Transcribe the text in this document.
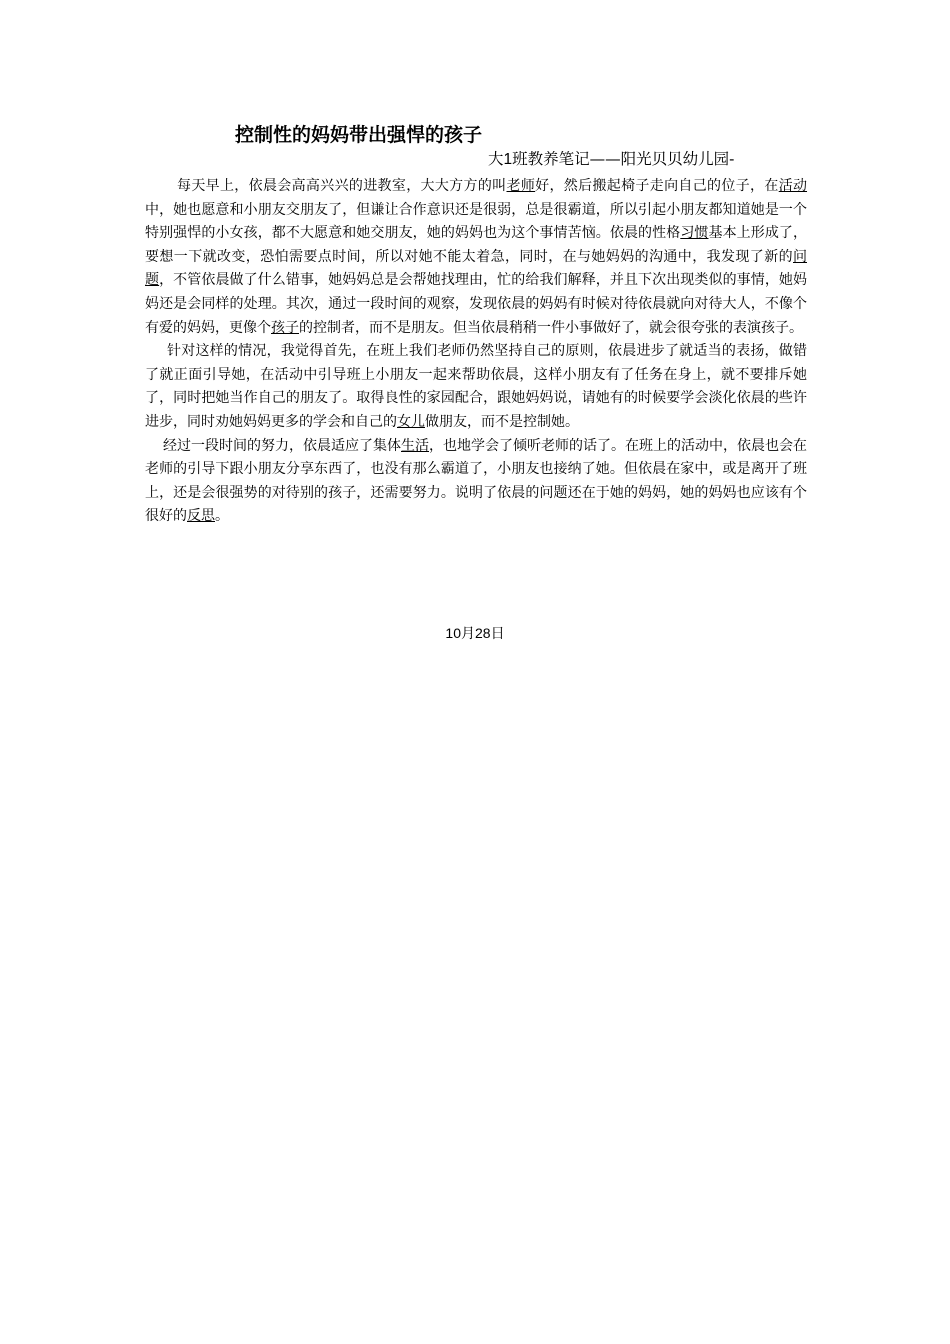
控制性的妈妈带出强悍的孩子
大1班教养笔记——阳光贝贝幼儿园-

每天早上，依晨会高高兴兴的进教室，大大方方的叫老师好，然后搬起椅子走向自己的位子，在活动中，她也愿意和小朋友交朋友了，但谦让合作意识还是很弱，总是很霸道，所以引起小朋友都知道她是一个特别强悍的小女孩，都不大愿意和她交朋友，她的妈妈也为这个事情苦恼。依晨的性格习惯基本上形成了，要想一下就改变，恐怕需要点时间，所以对她不能太着急，同时，在与她妈妈的沟通中，我发现了新的问题，不管依晨做了什么错事，她妈妈总是会帮她找理由，忙的给我们解释，并且下次出现类似的事情，她妈妈还是会同样的处理。其次，通过一段时间的观察，发现依晨的妈妈有时候对待依晨就向对待大人，不像个有爱的妈妈，更像个孩子的控制者，而不是朋友。但当依晨稍稍一件小事做好了，就会很夸张的表演孩子。

针对这样的情况，我觉得首先，在班上我们老师仍然坚持自己的原则，依晨进步了就适当的表扬，做错了就正面引导她，在活动中引导班上小朋友一起来帮助依晨，这样小朋友有了任务在身上，就不要排斥她了，同时把她当作自己的朋友了。取得良性的家园配合，跟她妈妈说，请她有的时候要学会淡化依晨的些许进步，同时劝她妈妈更多的学会和自己的女儿做朋友，而不是控制她。

经过一段时间的努力，依晨适应了集体生活，也地学会了倾听老师的话了。在班上的活动中，依晨也会在老师的引导下跟小朋友分享东西了，也没有那么霸道了，小朋友也接纳了她。但依晨在家中，或是离开了班上，还是会很强势的对待别的孩子，还需要努力。说明了依晨的问题还在于她的妈妈，她的妈妈也应该有个很好的反思。

10月28日
